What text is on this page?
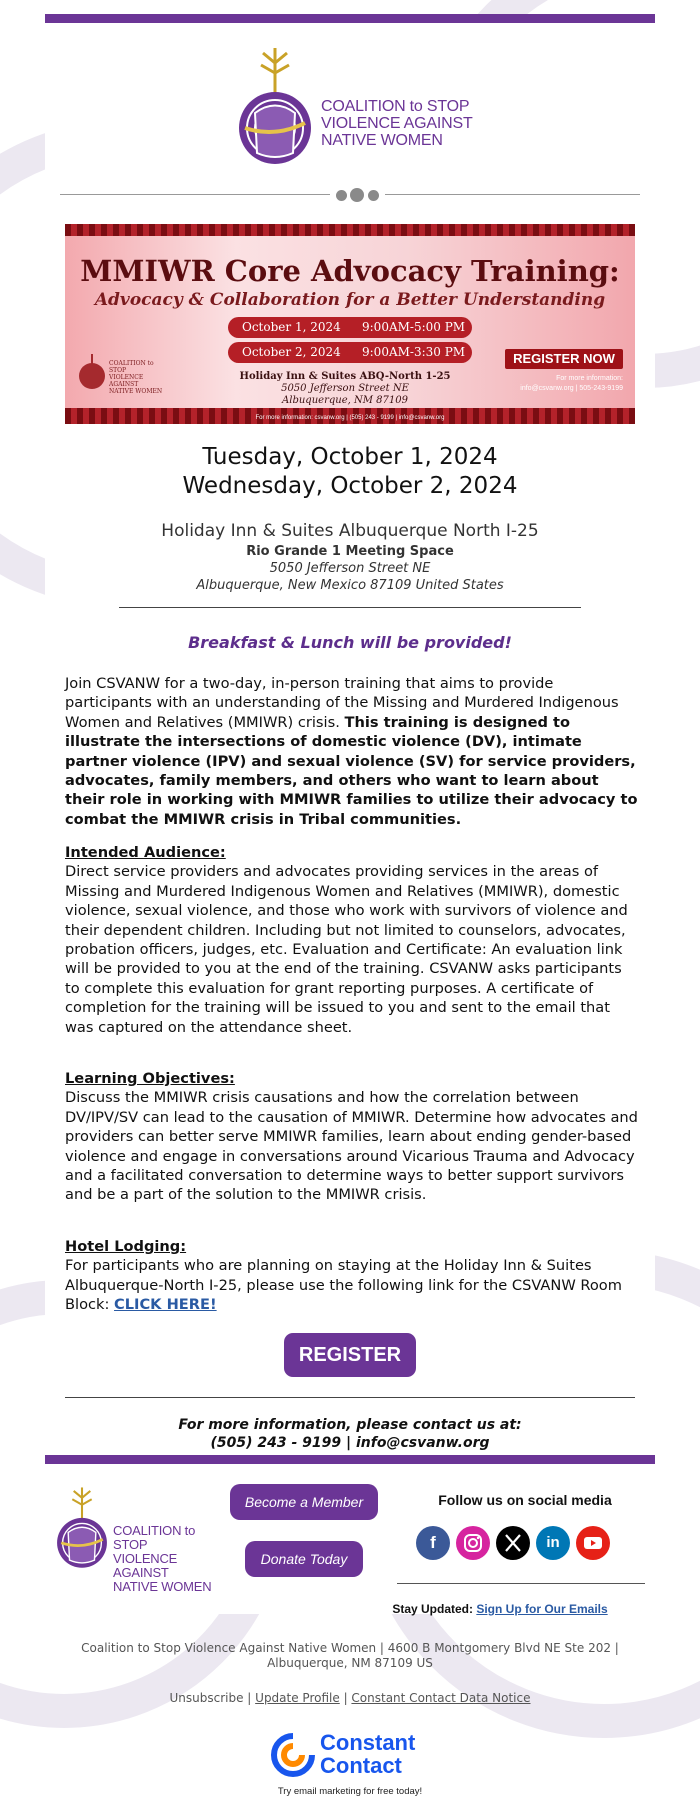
COALITION to STOP
VIOLENCE AGAINST
NATIVE WOMEN
MMIWR Core Advocacy Training:
Advocacy & Collaboration for a Better Understanding
October 1, 2024 9:00AM-5:00 PM
October 2, 2024 9:00AM-3:30 PM
Holiday Inn & Suites ABQ-North 1-25
5050 Jefferson Street NE
Albuquerque, NM 87109
COALITION to STOP
VIOLENCE AGAINST
NATIVE WOMEN
REGISTER NOW
For more information:
info@csvanw.org | 505-243-9199
For more information: csvanw.org | (505) 243 - 9199 | info@csvanw.org
Tuesday, October 1, 2024
Wednesday, October 2, 2024
Holiday Inn & Suites Albuquerque North I-25
Rio Grande 1 Meeting Space
5050 Jefferson Street NE
Albuquerque, New Mexico 87109 United States
Breakfast & Lunch will be provided!
Join CSVANW for a two-day, in-person training that aims to provide participants with an understanding of the Missing and Murdered Indigenous Women and Relatives (MMIWR) crisis. This training is designed to illustrate the intersections of domestic violence (DV), intimate partner violence (IPV) and sexual violence (SV) for service providers, advocates, family members, and others who want to learn about their role in working with MMIWR families to utilize their advocacy to combat the MMIWR crisis in Tribal communities.
Intended Audience:
Direct service providers and advocates providing services in the areas of Missing and Murdered Indigenous Women and Relatives (MMIWR), domestic violence, sexual violence, and those who work with survivors of violence and their dependent children. Including but not limited to counselors, advocates, probation officers, judges, etc. Evaluation and Certificate: An evaluation link will be provided to you at the end of the training. CSVANW asks participants to complete this evaluation for grant reporting purposes. A certificate of completion for the training will be issued to you and sent to the email that was captured on the attendance sheet.
Learning Objectives:
Discuss the MMIWR crisis causations and how the correlation between DV/IPV/SV can lead to the causation of MMIWR. Determine how advocates and providers can better serve MMIWR families, learn about ending gender-based violence and engage in conversations around Vicarious Trauma and Advocacy and a facilitated conversation to determine ways to better support survivors and be a part of the solution to the MMIWR crisis.
Hotel Lodging:
For participants who are planning on staying at the Holiday Inn & Suites Albuquerque-North I-25, please use the following link for the CSVANW Room Block: CLICK HERE!
REGISTER
For more information, please contact us at:
(505) 243 - 9199 | info@csvanw.org
COALITION to STOP
VIOLENCE AGAINST
NATIVE WOMEN
Become a Member
Donate Today
Follow us on social media
f	in
Stay Updated: Sign Up for Our Emails
Coalition to Stop Violence Against Native Women | 4600 B Montgomery Blvd NE Ste 202 |
Albuquerque, NM 87109 US
Unsubscribe | Update Profile | Constant Contact Data Notice
Constant
Contact
Try email marketing for free today!
